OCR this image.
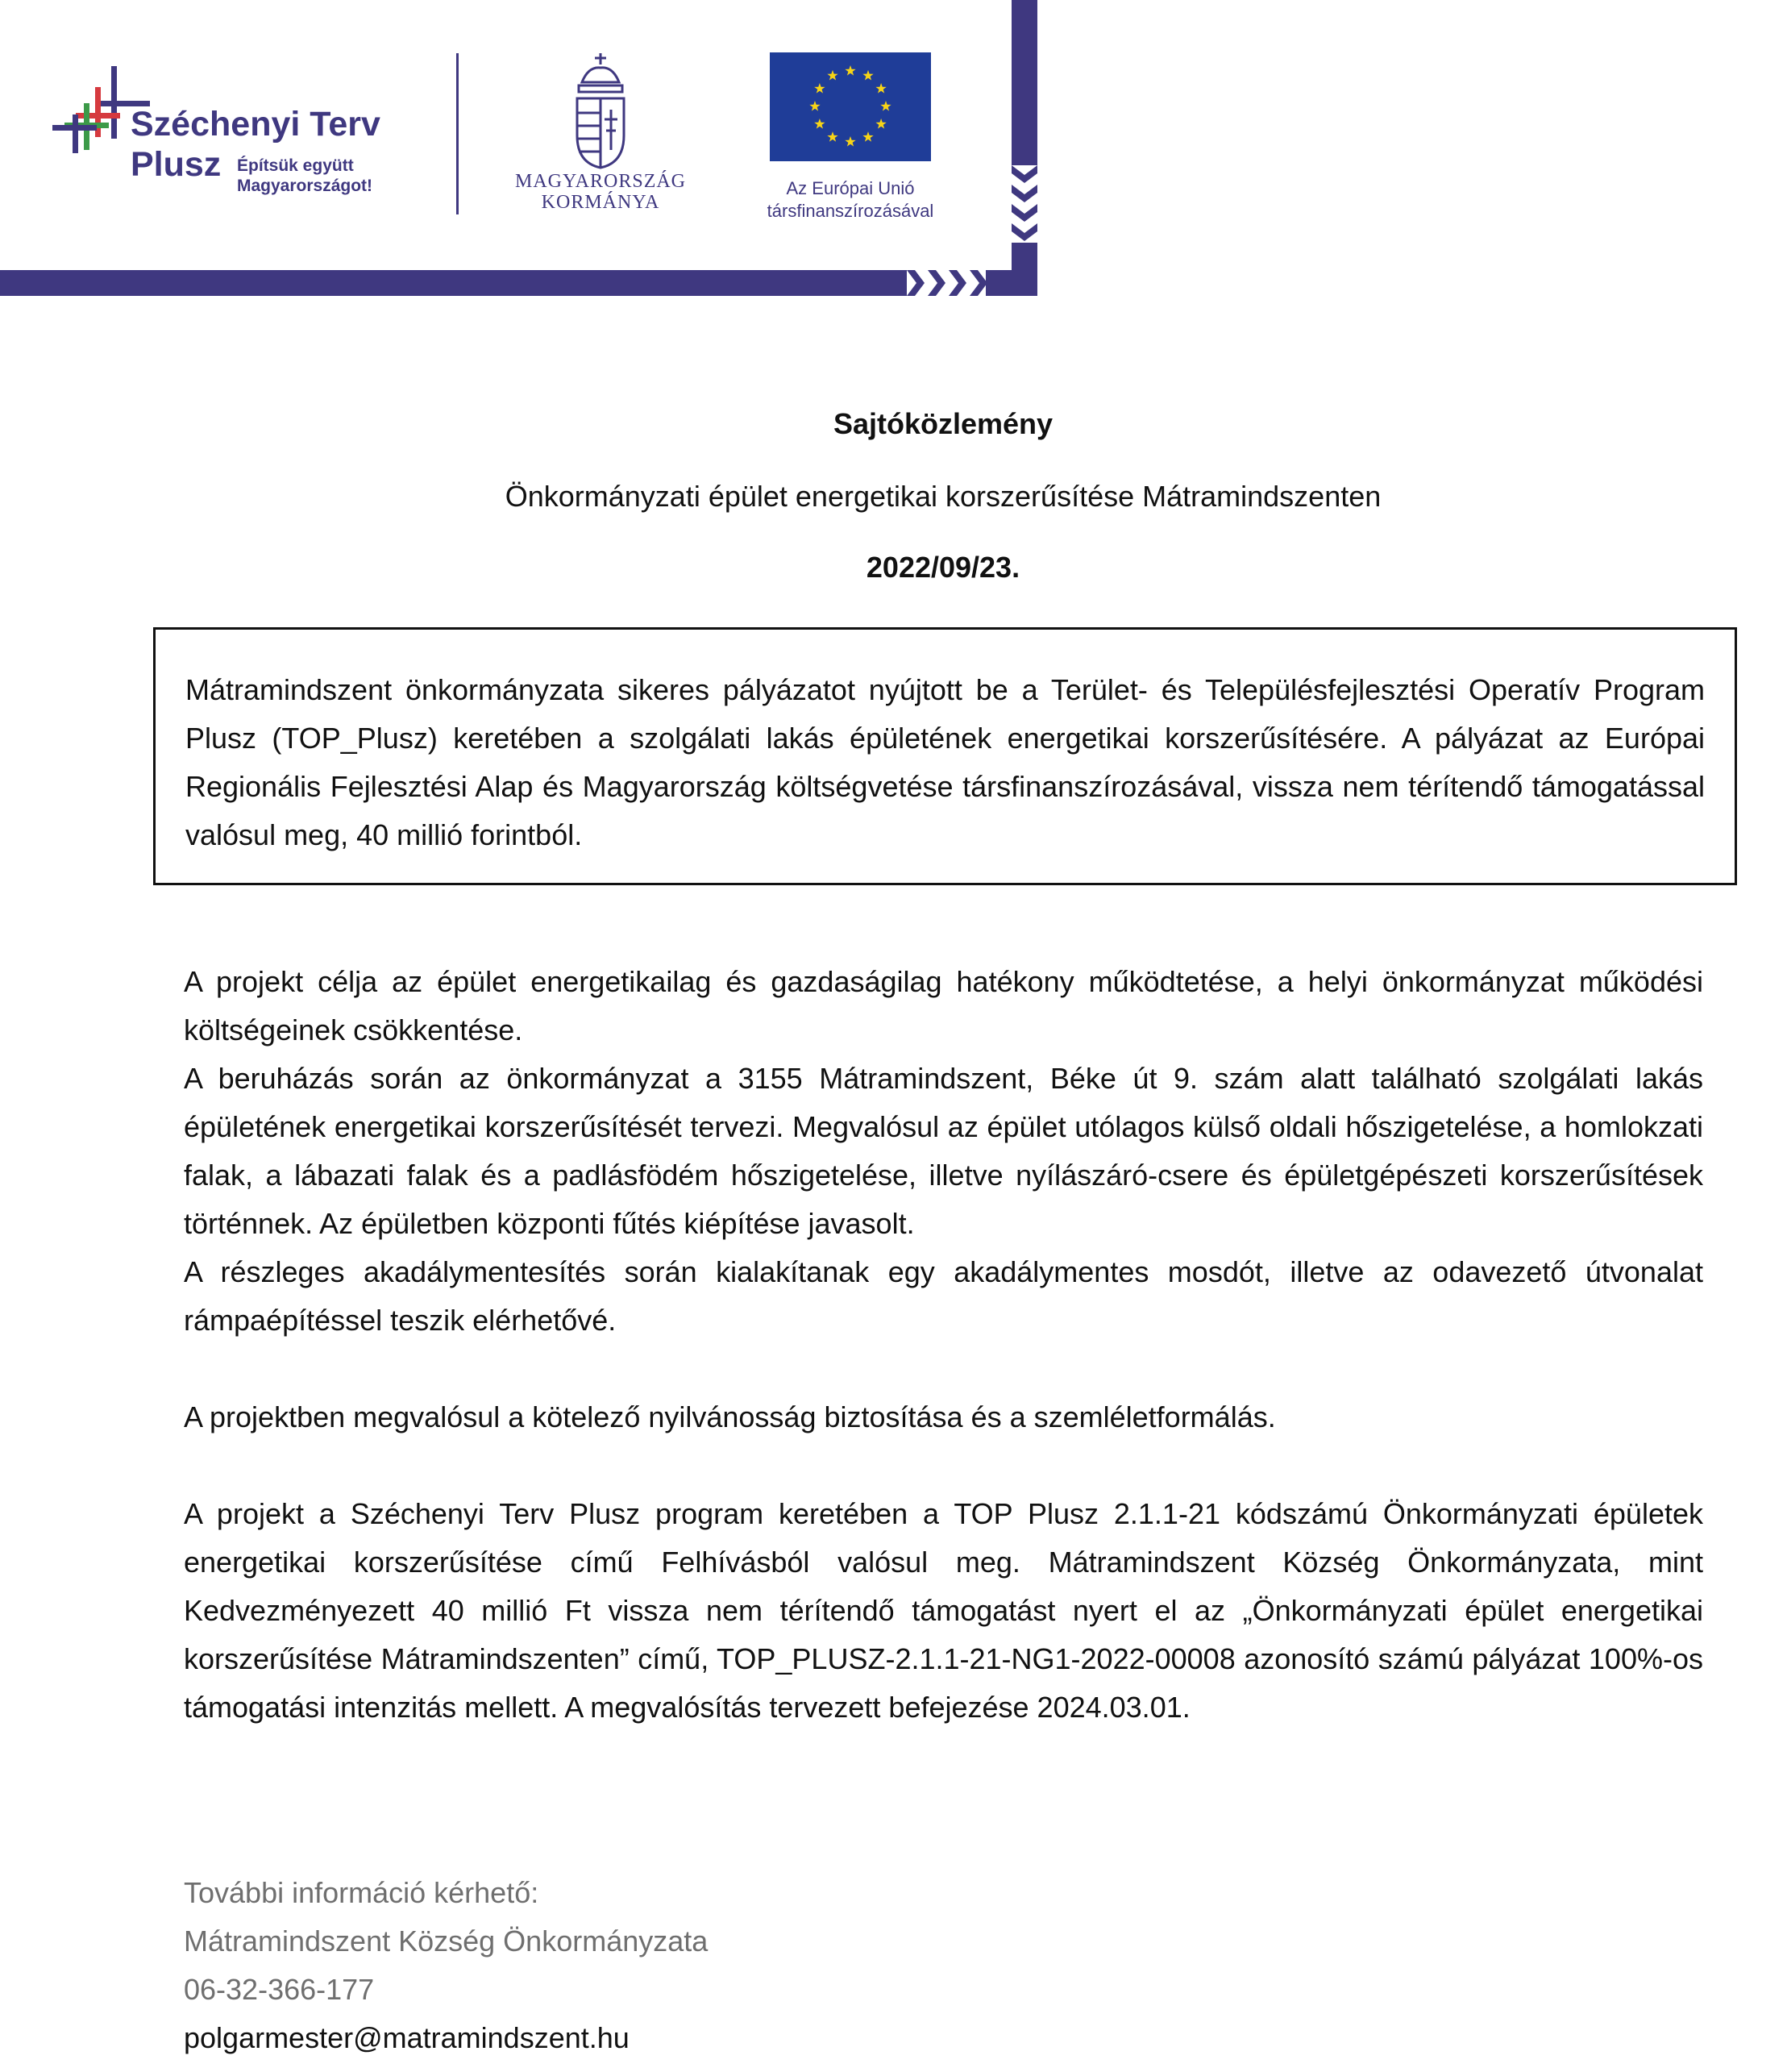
Széchenyi Terv
Plusz Építsük együtt
Magyarországot!	MAGYARORSZÁG
KORMÁNYA
Az Európai Unió
társfinanszírozásával
Sajtóközlemény
Önkormányzati épület energetikai korszerűsítése Mátramindszenten
2022/09/23.

Mátramindszent önkormányzata sikeres pályázatot nyújtott be a Terület- és Településfejlesztési Operatív Program Plusz (TOP_Plusz) keretében a szolgálati lakás épületének energetikai korszerűsítésére. A pályázat az Európai Regionális Fejlesztési Alap és Magyarország költségvetése társfinanszírozásával, vissza nem térítendő támogatással valósul meg, 40 millió forintból.

A projekt célja az épület energetikailag és gazdaságilag hatékony működtetése, a helyi önkormányzat működési költségeinek csökkentése.

A beruházás során az önkormányzat a 3155 Mátramindszent, Béke út 9. szám alatt található szolgálati lakás épületének energetikai korszerűsítését tervezi. Megvalósul az épület utólagos külső oldali hőszigetelése, a homlokzati falak, a lábazati falak és a padlásfödém hőszigetelése, illetve nyílászáró-csere és épületgépészeti korszerűsítések történnek. Az épületben központi fűtés kiépítése javasolt.

A részleges akadálymentesítés során kialakítanak egy akadálymentes mosdót, illetve az odavezető útvonalat rámpaépítéssel teszik elérhetővé.

A projektben megvalósul a kötelező nyilvánosság biztosítása és a szemléletformálás.

A projekt a Széchenyi Terv Plusz program keretében a TOP Plusz 2.1.1-21 kódszámú Önkormányzati épületek energetikai korszerűsítése című Felhívásból valósul meg. Mátramindszent Község Önkormányzata, mint Kedvezményezett 40 millió Ft vissza nem térítendő támogatást nyert el az „Önkormányzati épület energetikai korszerűsítése Mátramindszenten” című, TOP_PLUSZ-2.1.1-21-NG1-2022-00008 azonosító számú pályázat 100%-os támogatási intenzitás mellett. A megvalósítás tervezett befejezése 2024.03.01.

További információ kérhető:
Mátramindszent Község Önkormányzata
06-32-366-177
polgarmester@matramindszent.hu
